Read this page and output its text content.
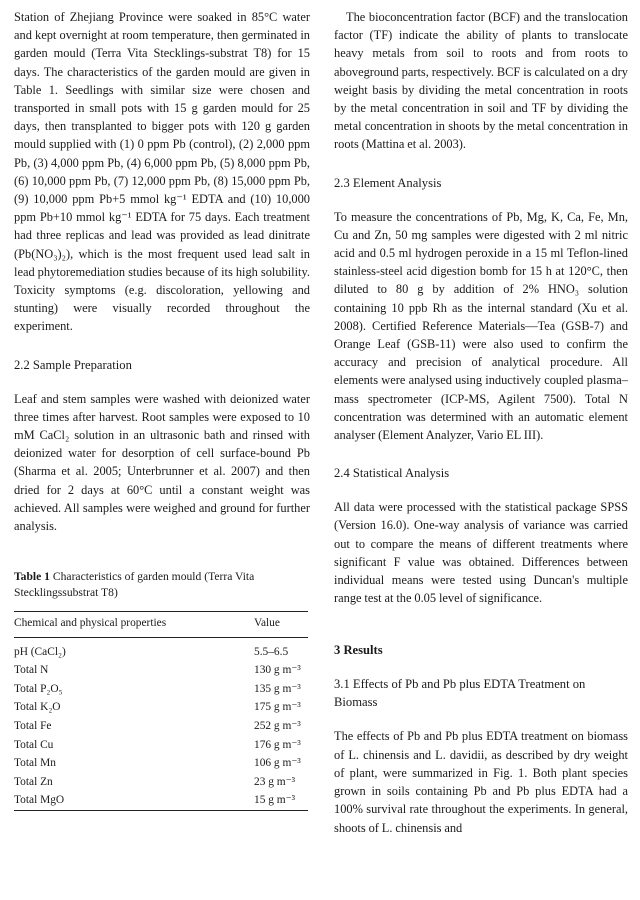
Station of Zhejiang Province were soaked in 85°C water and kept overnight at room temperature, then germinated in garden mould (Terra Vita Stecklings-substrat T8) for 15 days. The characteristics of the garden mould are given in Table 1. Seedlings with similar size were chosen and transported in small pots with 15 g garden mould for 25 days, then transplanted to bigger pots with 120 g garden mould supplied with (1) 0 ppm Pb (control), (2) 2,000 ppm Pb, (3) 4,000 ppm Pb, (4) 6,000 ppm Pb, (5) 8,000 ppm Pb, (6) 10,000 ppm Pb, (7) 12,000 ppm Pb, (8) 15,000 ppm Pb, (9) 10,000 ppm Pb+5 mmol kg⁻¹ EDTA and (10) 10,000 ppm Pb+10 mmol kg⁻¹ EDTA for 75 days. Each treatment had three replicas and lead was provided as lead dinitrate (Pb(NO₃)₂), which is the most frequent used lead salt in lead phytoremediation studies because of its high solubility. Toxicity symptoms (e.g. discoloration, yellowing and stunting) were visually recorded throughout the experiment.

2.2 Sample Preparation

Leaf and stem samples were washed with deionized water three times after harvest. Root samples were exposed to 10 mM CaCl₂ solution in an ultrasonic bath and rinsed with deionized water for desorption of cell surface-bound Pb (Sharma et al. 2005; Unterbrunner et al. 2007) and then dried for 2 days at 60°C until a constant weight was achieved. All samples were weighed and ground for further analysis.

Table 1 Characteristics of garden mould (Terra Vita Stecklingssubstrat T8)

Chemical and physical properties	Value
pH (CaCl₂)	5.5–6.5
Total N	130 g m⁻³
Total P₂O₅	135 g m⁻³
Total K₂O	175 g m⁻³
Total Fe	252 g m⁻³
Total Cu	176 g m⁻³
Total Mn	106 g m⁻³
Total Zn	23 g m⁻³
Total MgO	15 g m⁻³

The bioconcentration factor (BCF) and the translocation factor (TF) indicate the ability of plants to translocate heavy metals from soil to roots and from roots to aboveground parts, respectively. BCF is calculated on a dry weight basis by dividing the metal concentration in roots by the metal concentration in soil and TF by dividing the metal concentration in shoots by the metal concentration in roots (Mattina et al. 2003).

2.3 Element Analysis

To measure the concentrations of Pb, Mg, K, Ca, Fe, Mn, Cu and Zn, 50 mg samples were digested with 2 ml nitric acid and 0.5 ml hydrogen peroxide in a 15 ml Teflon-lined stainless-steel acid digestion bomb for 15 h at 120°C, then diluted to 80 g by addition of 2% HNO₃ solution containing 10 ppb Rh as the internal standard (Xu et al. 2008). Certified Reference Materials—Tea (GSB-7) and Orange Leaf (GSB-11) were also used to confirm the accuracy and precision of analytical procedure. All elements were analysed using inductively coupled plasma–mass spectrometer (ICP-MS, Agilent 7500). Total N concentration was determined with an automatic element analyser (Element Analyzer, Vario EL III).

2.4 Statistical Analysis

All data were processed with the statistical package SPSS (Version 16.0). One-way analysis of variance was carried out to compare the means of different treatments where significant F value was obtained. Differences between individual means were tested using Duncan's multiple range test at the 0.05 level of significance.

3 Results
3.1 Effects of Pb and Pb plus EDTA Treatment on Biomass

The effects of Pb and Pb plus EDTA treatment on biomass of L. chinensis and L. davidii, as described by dry weight of plant, were summarized in Fig. 1. Both plant species grown in soils containing Pb and Pb plus EDTA had a 100% survival rate throughout the experiments. In general, shoots of L. chinensis and
